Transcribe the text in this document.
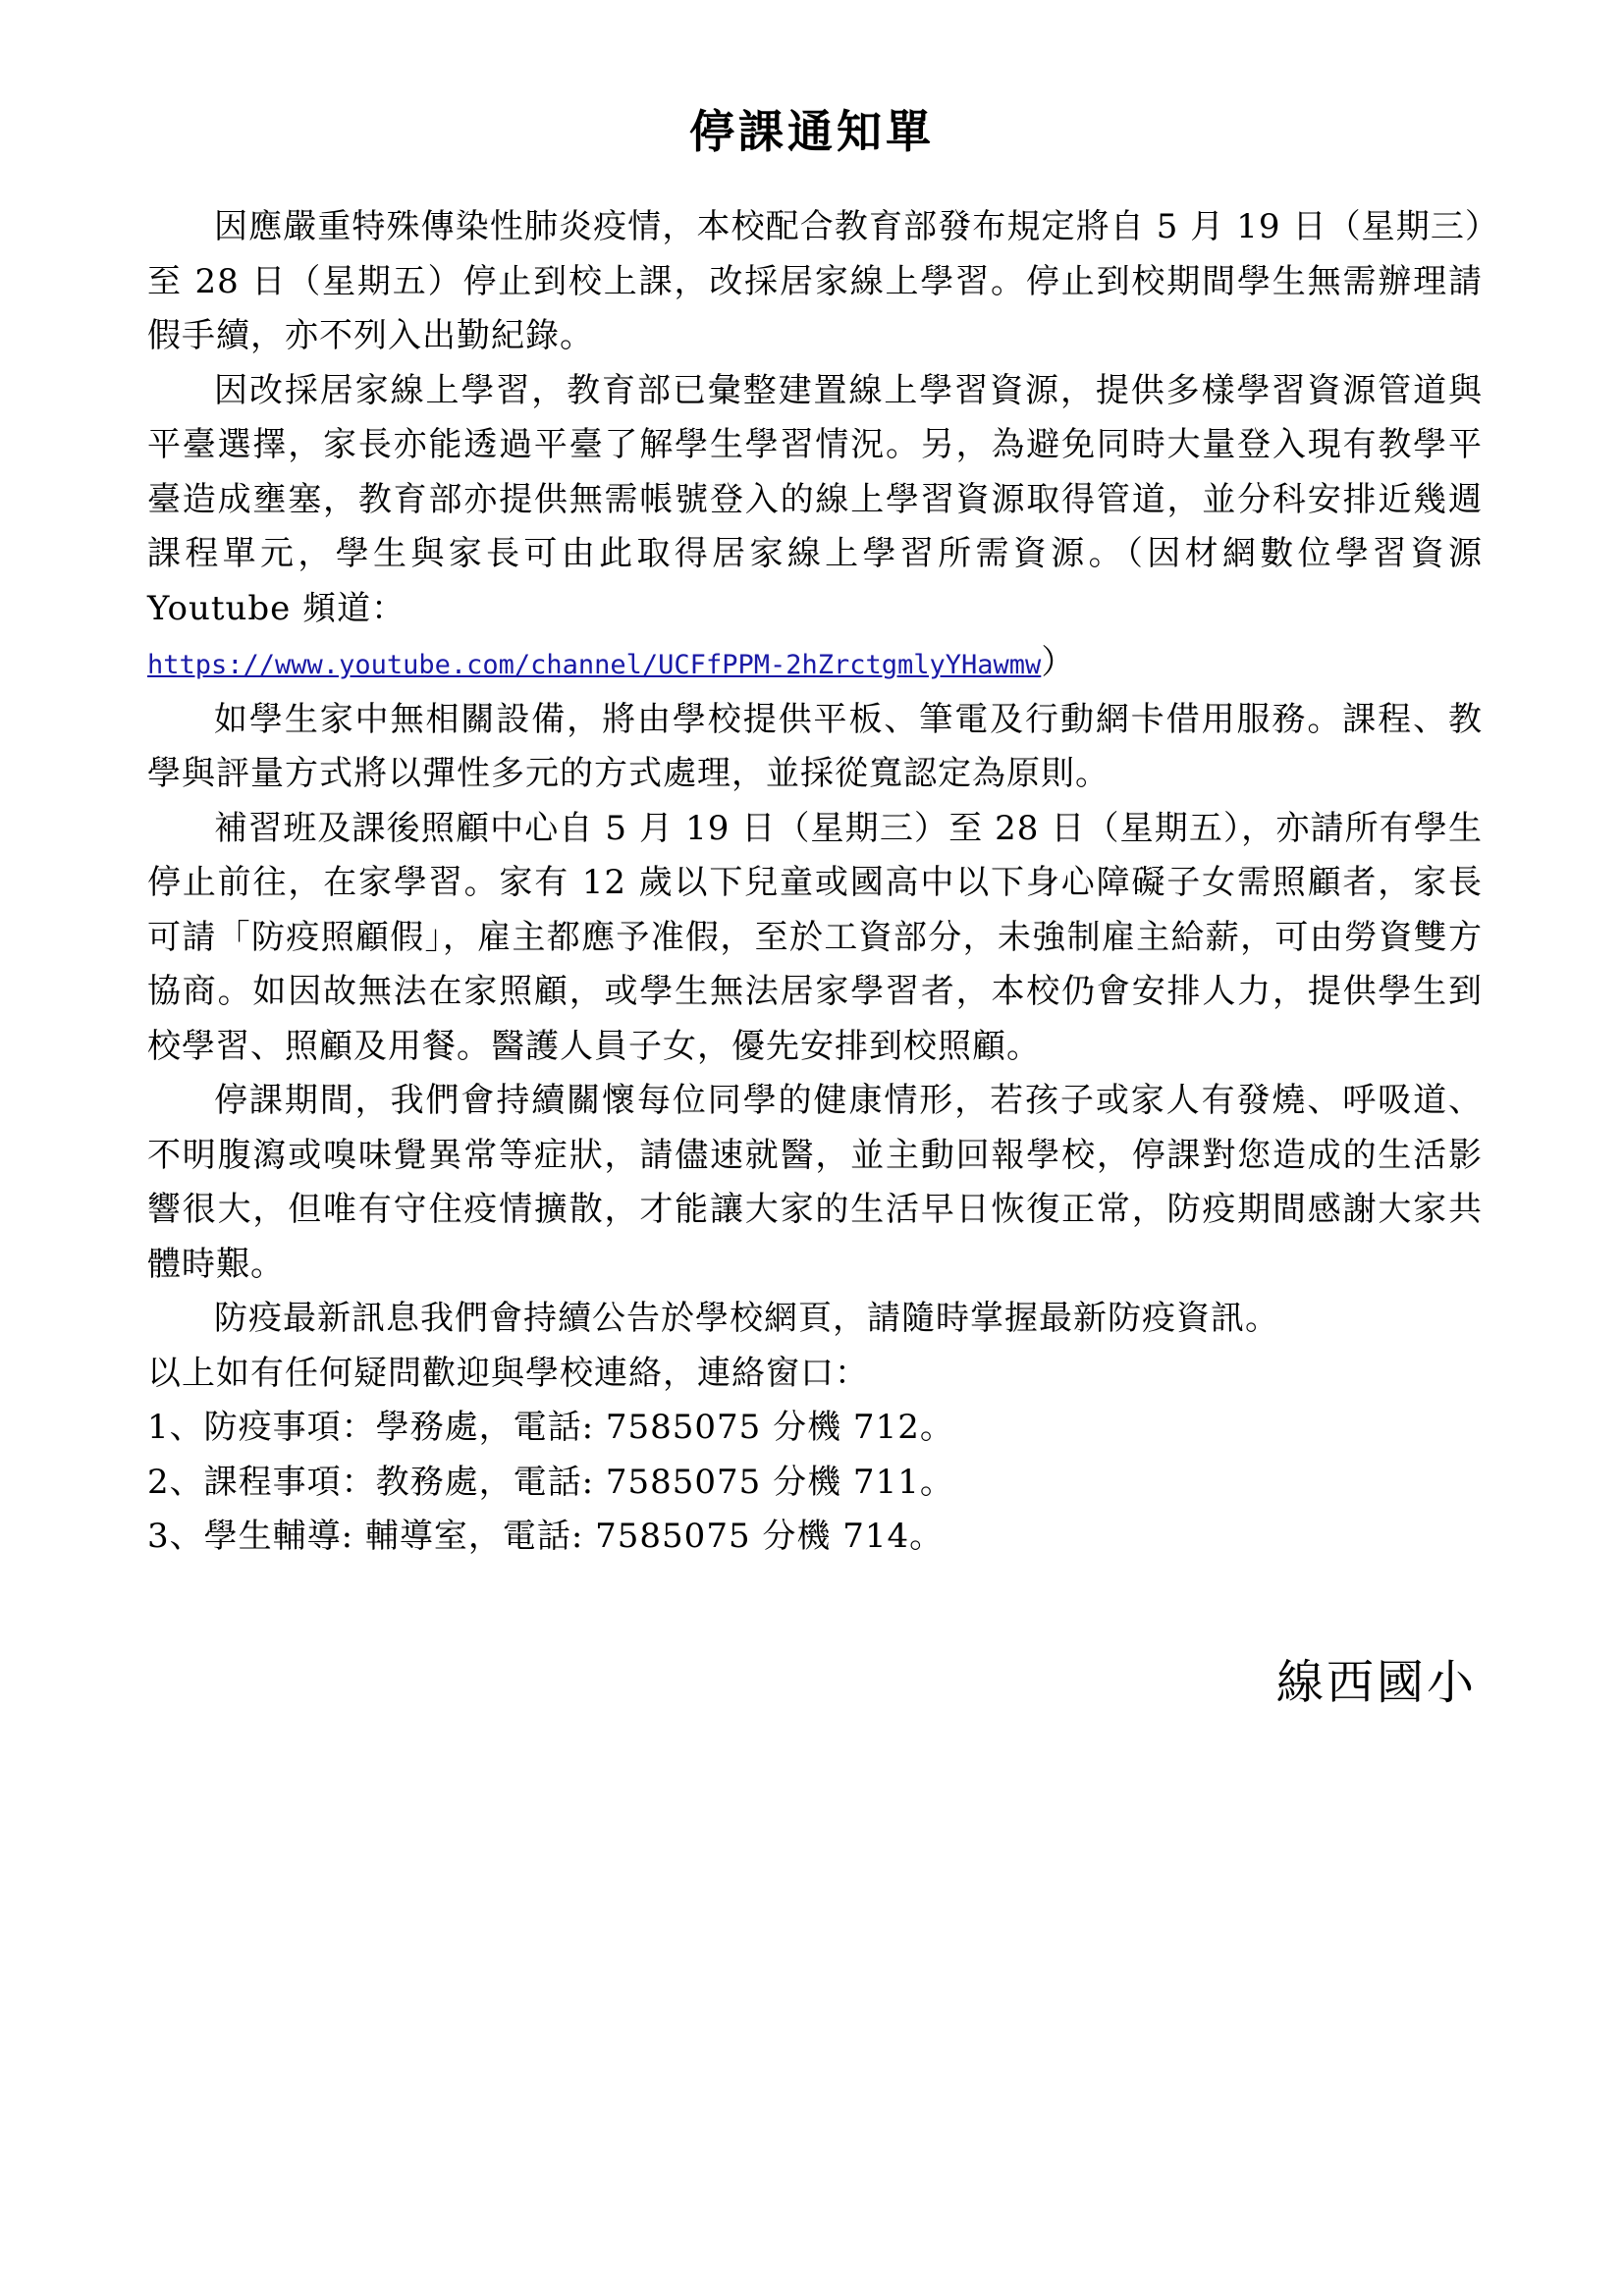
停課通知單

因應嚴重特殊傳染性肺炎疫情，本校配合教育部發布規定將自 5 月 19 日（星期三）至 28 日（星期五）停止到校上課，改採居家線上學習。停止到校期間學生無需辦理請假手續，亦不列入出勤紀錄。

因改採居家線上學習，教育部已彙整建置線上學習資源，提供多樣學習資源管道與平臺選擇，家長亦能透過平臺了解學生學習情況。另，為避免同時大量登入現有教學平臺造成壅塞，教育部亦提供無需帳號登入的線上學習資源取得管道，並分科安排近幾週課程單元，學生與家長可由此取得居家線上學習所需資源。（因材網數位學習資源 Youtube 頻道：
https://www.youtube.com/channel/UCFfPPM-2hZrctgmlyYHawmw）

如學生家中無相關設備，將由學校提供平板、筆電及行動網卡借用服務。課程、教學與評量方式將以彈性多元的方式處理，並採從寬認定為原則。

補習班及課後照顧中心自 5 月 19 日（星期三）至 28 日（星期五），亦請所有學生停止前往，在家學習。家有 12 歲以下兒童或國高中以下身心障礙子女需照顧者，家長可請「防疫照顧假」，雇主都應予准假，至於工資部分，未強制雇主給薪，可由勞資雙方協商。如因故無法在家照顧，或學生無法居家學習者，本校仍會安排人力，提供學生到校學習、照顧及用餐。醫護人員子女，優先安排到校照顧。

停課期間，我們會持續關懷每位同學的健康情形，若孩子或家人有發燒、呼吸道、不明腹瀉或嗅味覺異常等症狀，請儘速就醫，並主動回報學校，停課對您造成的生活影響很大，但唯有守住疫情擴散，才能讓大家的生活早日恢復正常，防疫期間感謝大家共體時艱。

防疫最新訊息我們會持續公告於學校網頁，請隨時掌握最新防疫資訊。

以上如有任何疑問歡迎與學校連絡，連絡窗口：

1、防疫事項：學務處，電話: 7585075 分機 712。

2、課程事項：教務處，電話: 7585075 分機 711。

3、學生輔導: 輔導室，電話: 7585075 分機 714。

線西國小
